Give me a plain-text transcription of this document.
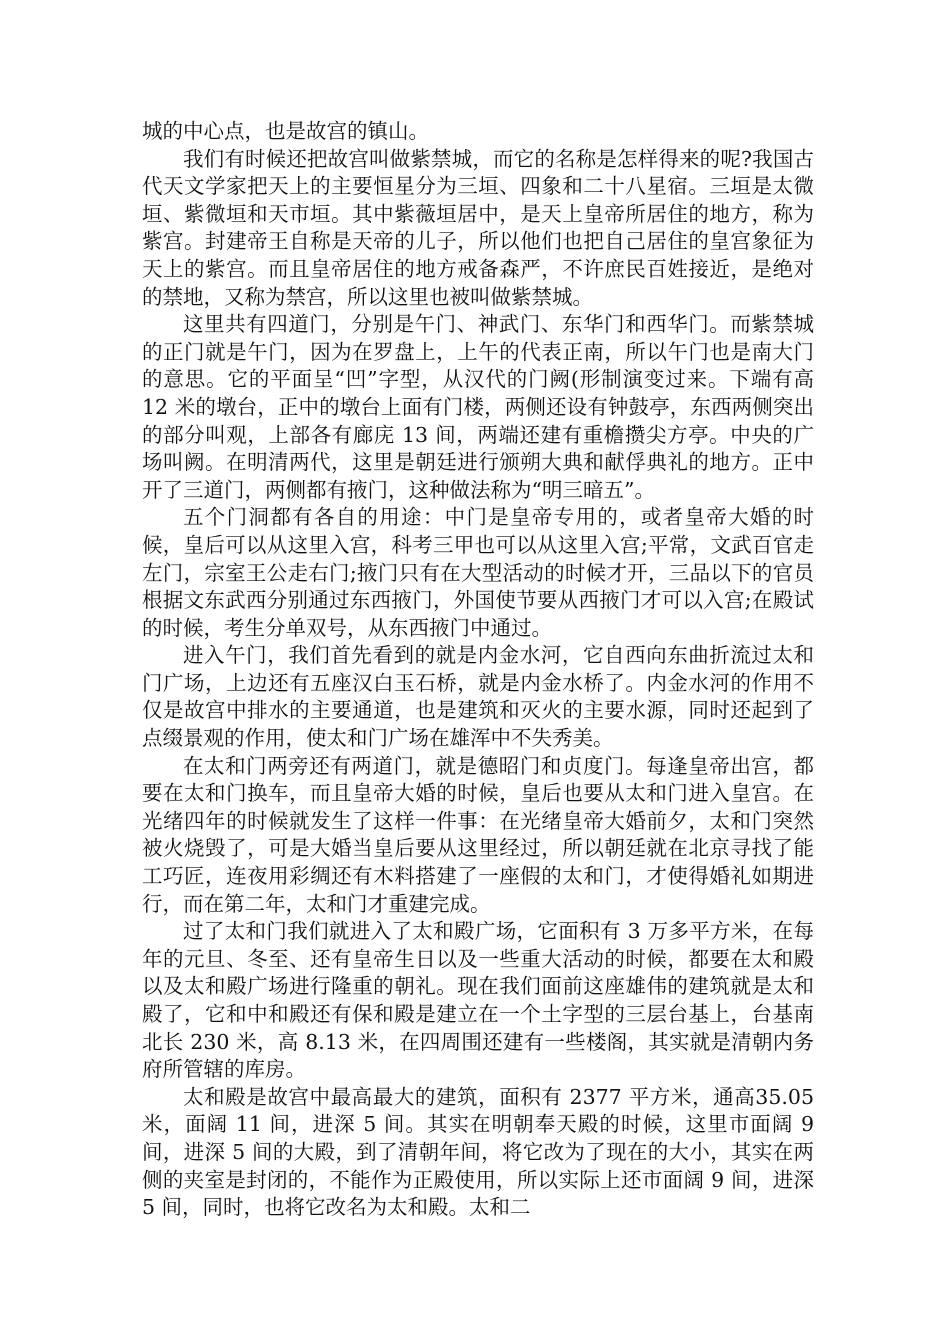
城的中心点，也是故宫的镇山。

我们有时候还把故宫叫做紫禁城，而它的名称是怎样得来的呢?我国古代天文学家把天上的主要恒星分为三垣、四象和二十八星宿。三垣是太微垣、紫微垣和天市垣。其中紫薇垣居中，是天上皇帝所居住的地方，称为紫宫。封建帝王自称是天帝的儿子，所以他们也把自己居住的皇宫象征为天上的紫宫。而且皇帝居住的地方戒备森严，不许庶民百姓接近，是绝对的禁地，又称为禁宫，所以这里也被叫做紫禁城。

这里共有四道门，分别是午门、神武门、东华门和西华门。而紫禁城的正门就是午门，因为在罗盘上，上午的代表正南，所以午门也是南大门的意思。它的平面呈“凹”字型，从汉代的门阙(形制演变过来。下端有高 12 米的墩台，正中的墩台上面有门楼，两侧还设有钟鼓亭，东西两侧突出的部分叫观，上部各有廊庑 13 间，两端还建有重檐攒尖方亭。中央的广场叫阙。在明清两代，这里是朝廷进行颁朔大典和献俘典礼的地方。正中开了三道门，两侧都有掖门，这种做法称为“明三暗五”。

五个门洞都有各自的用途：中门是皇帝专用的，或者皇帝大婚的时候，皇后可以从这里入宫，科考三甲也可以从这里入宫;平常，文武百官走左门，宗室王公走右门;掖门只有在大型活动的时候才开，三品以下的官员根据文东武西分别通过东西掖门，外国使节要从西掖门才可以入宫;在殿试的时候，考生分单双号，从东西掖门中通过。

进入午门，我们首先看到的就是内金水河，它自西向东曲折流过太和门广场，上边还有五座汉白玉石桥，就是内金水桥了。内金水河的作用不仅是故宫中排水的主要通道，也是建筑和灭火的主要水源，同时还起到了点缀景观的作用，使太和门广场在雄浑中不失秀美。

在太和门两旁还有两道门，就是德昭门和贞度门。每逢皇帝出宫，都要在太和门换车，而且皇帝大婚的时候，皇后也要从太和门进入皇宫。在光绪四年的时候就发生了这样一件事：在光绪皇帝大婚前夕，太和门突然被火烧毁了，可是大婚当皇后要从这里经过，所以朝廷就在北京寻找了能工巧匠，连夜用彩绸还有木料搭建了一座假的太和门，才使得婚礼如期进行，而在第二年，太和门才重建完成。

过了太和门我们就进入了太和殿广场，它面积有 3 万多平方米，在每年的元旦、冬至、还有皇帝生日以及一些重大活动的时候，都要在太和殿以及太和殿广场进行隆重的朝礼。现在我们面前这座雄伟的建筑就是太和殿了，它和中和殿还有保和殿是建立在一个土字型的三层台基上，台基南北长 230 米，高 8.13 米，在四周围还建有一些楼阁，其实就是清朝内务府所管辖的库房。

太和殿是故宫中最高最大的建筑，面积有 2377 平方米，通高35.05 米，面阔 11 间，进深 5 间。其实在明朝奉天殿的时候，这里市面阔 9 间，进深 5 间的大殿，到了清朝年间，将它改为了现在的大小，其实在两侧的夹室是封闭的，不能作为正殿使用，所以实际上还市面阔 9 间，进深 5 间，同时，也将它改名为太和殿。太和二
